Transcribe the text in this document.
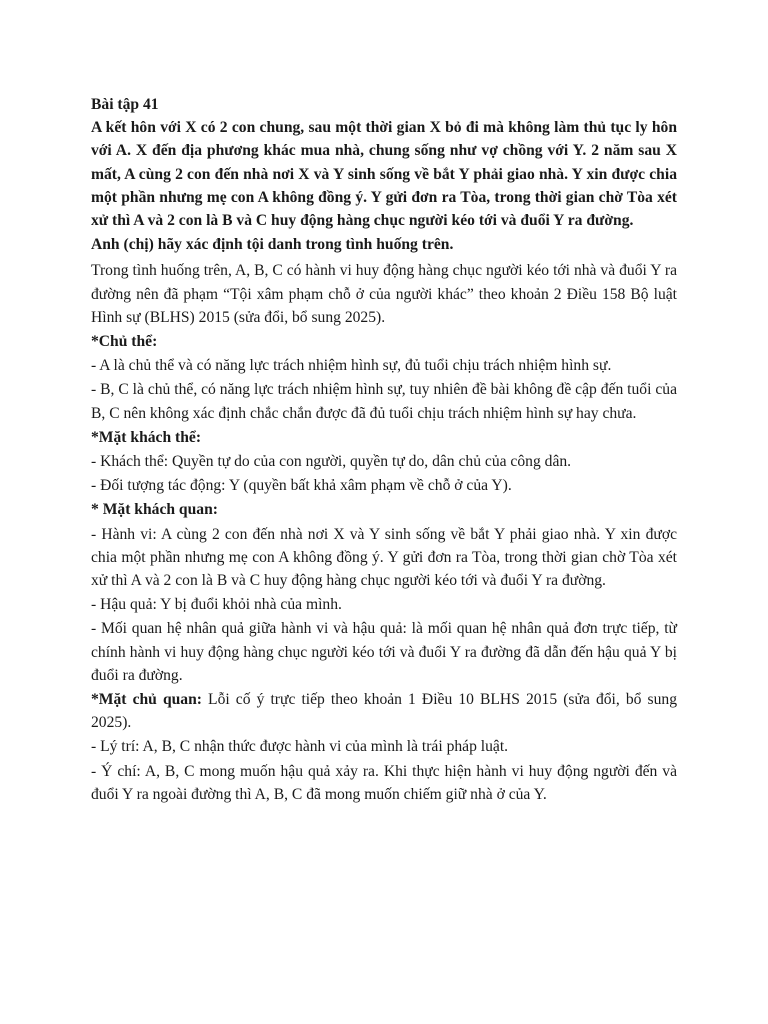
Bài tập 41

A kết hôn với X có 2 con chung, sau một thời gian X bỏ đi mà không làm thủ tục ly hôn với A. X đến địa phương khác mua nhà, chung sống như vợ chồng với Y. 2 năm sau X mất, A cùng 2 con đến nhà nơi X và Y sinh sống về bắt Y phải giao nhà. Y xin được chia một phần nhưng mẹ con A không đồng ý. Y gửi đơn ra Tòa, trong thời gian chờ Tòa xét xử thì A và 2 con là B và C huy động hàng chục người kéo tới và đuổi Y ra đường.

Anh (chị) hãy xác định tội danh trong tình huống trên.

Trong tình huống trên, A, B, C có hành vi huy động hàng chục người kéo tới nhà và đuổi Y ra đường nên đã phạm “Tội xâm phạm chỗ ở của người khác” theo khoản 2 Điều 158 Bộ luật Hình sự (BLHS) 2015 (sửa đổi, bổ sung 2025).

*Chủ thể:

- A là chủ thể và có năng lực trách nhiệm hình sự, đủ tuổi chịu trách nhiệm hình sự.

- B, C là chủ thể, có năng lực trách nhiệm hình sự, tuy nhiên đề bài không đề cập đến tuổi của B, C nên không xác định chắc chắn được đã đủ tuổi chịu trách nhiệm hình sự hay chưa.

*Mặt khách thể:

- Khách thể: Quyền tự do của con người, quyền tự do, dân chủ của công dân.

- Đối tượng tác động: Y (quyền bất khả xâm phạm về chỗ ở của Y).

* Mặt khách quan:

- Hành vi: A cùng 2 con đến nhà nơi X và Y sinh sống về bắt Y phải giao nhà. Y xin được chia một phần nhưng mẹ con A không đồng ý. Y gửi đơn ra Tòa, trong thời gian chờ Tòa xét xử thì A và 2 con là B và C huy động hàng chục người kéo tới và đuổi Y ra đường.

- Hậu quả: Y bị đuổi khỏi nhà của mình.

- Mối quan hệ nhân quả giữa hành vi và hậu quả: là mối quan hệ nhân quả đơn trực tiếp, từ chính hành vi huy động hàng chục người kéo tới và đuổi Y ra đường đã dẫn đến hậu quả Y bị đuổi ra đường.

*Mặt chủ quan: Lỗi cố ý trực tiếp theo khoản 1 Điều 10 BLHS 2015 (sửa đổi, bổ sung 2025).

- Lý trí: A, B, C nhận thức được hành vi của mình là trái pháp luật.

- Ý chí: A, B, C mong muốn hậu quả xảy ra. Khi thực hiện hành vi huy động người đến và đuổi Y ra ngoài đường thì A, B, C đã mong muốn chiếm giữ nhà ở của Y.
